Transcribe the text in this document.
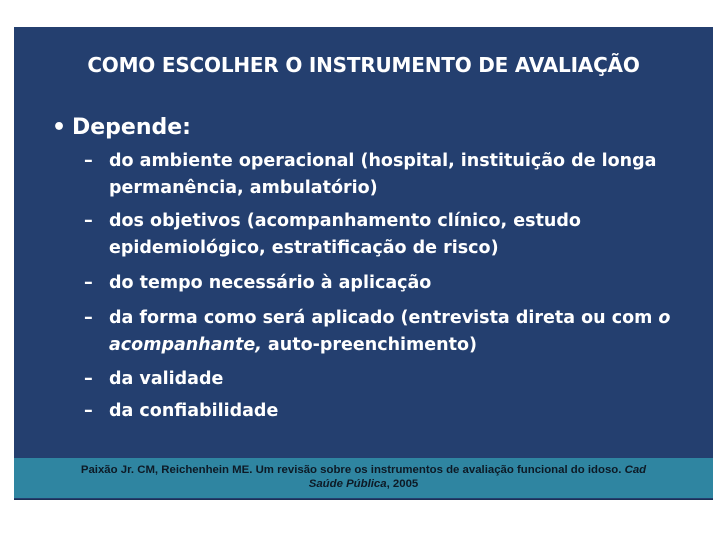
COMO ESCOLHER O INSTRUMENTO DE AVALIAÇÃO
• Depende:
– do ambiente operacional (hospital, instituição de longa permanência, ambulatório)
– dos objetivos (acompanhamento clínico, estudo epidemiológico, estratificação de risco)
– do tempo necessário à aplicação
– da forma como será aplicado (entrevista direta ou com o acompanhante, auto-preenchimento)
– da validade
– da confiabilidade
Paixão Jr. CM, Reichenhein ME. Um revisão sobre os instrumentos de avaliação funcional do idoso. Cad
Saúde Pública, 2005
